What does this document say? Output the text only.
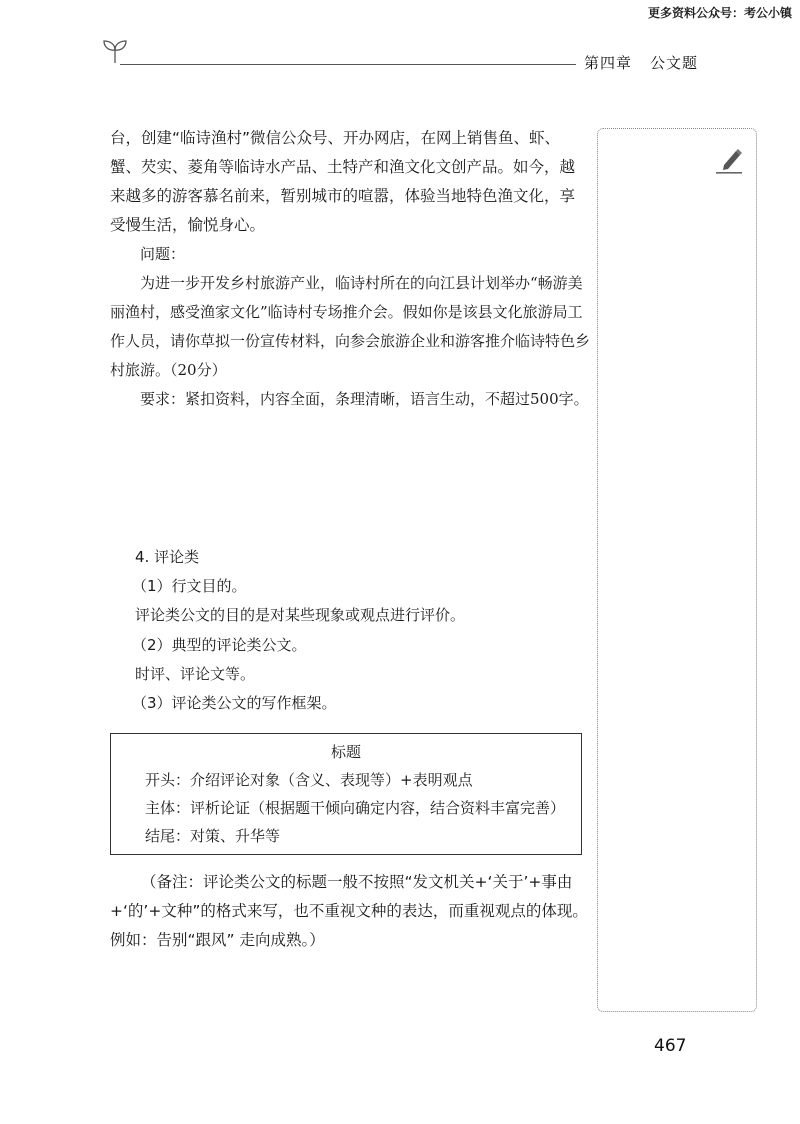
更多资料公众号：考公小镇
第四章 公文题

台，创建“临诗渔村”微信公众号、开办网店，在网上销售鱼、虾、蟹、芡实、菱角等临诗水产品、土特产和渔文化文创产品。如今，越来越多的游客慕名前来，暂别城市的喧嚣，体验当地特色渔文化，享受慢生活，愉悦身心。

问题：

为进一步开发乡村旅游产业，临诗村所在的向江县计划举办“畅游美丽渔村，感受渔家文化”临诗村专场推介会。假如你是该县文化旅游局工作人员，请你草拟一份宣传材料，向参会旅游企业和游客推介临诗特色乡村旅游。（20分）

要求：紧扣资料，内容全面，条理清晰，语言生动，不超过500字。

4. 评论类
（1）行文目的。
评论类公文的目的是对某些现象或观点进行评价。
（2）典型的评论类公文。
时评、评论文等。
（3）评论类公文的写作框架。
标题
开头：介绍评论对象（含义、表现等）+表明观点
主体：评析论证（根据题干倾向确定内容，结合资料丰富完善）
结尾：对策、升华等
（备注：评论类公文的标题一般不按照“发文机关+‘关于’+事由+‘的’+文种”的格式来写，也不重视文种的表达，而重视观点的体现。例如：告别“跟风” 走向成熟。）
467
